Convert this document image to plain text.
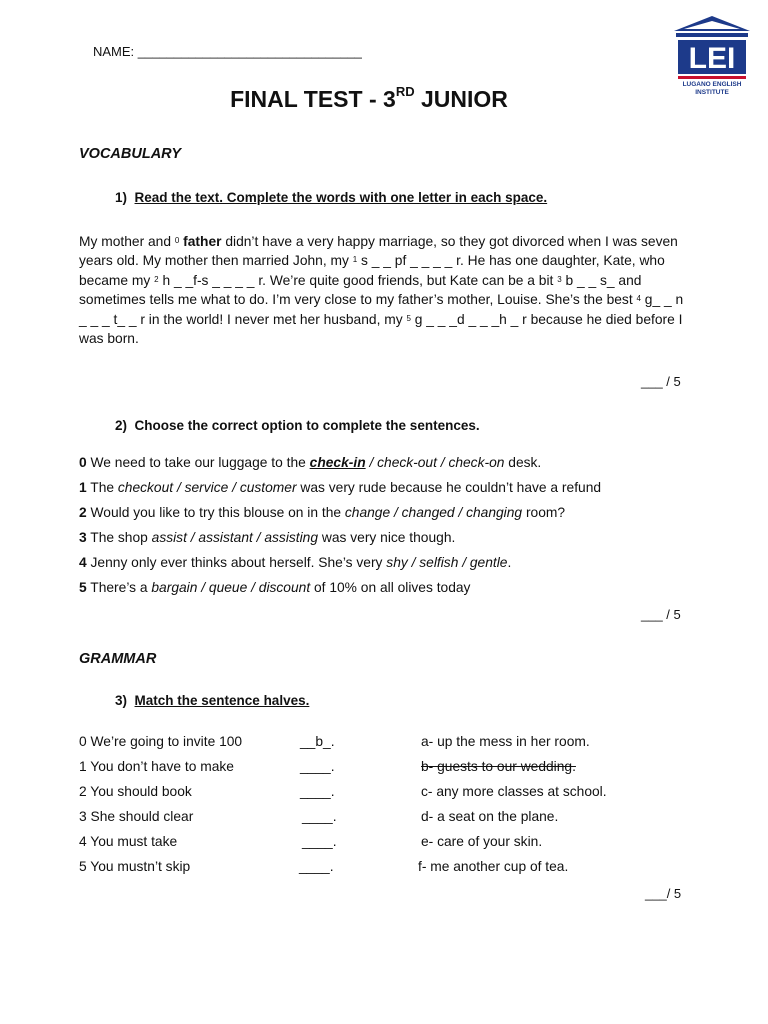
NAME: _______________________________
FINAL TEST - 3RD JUNIOR
LEI
LUGANO ENGLISH
INSTITUTE
VOCABULARY
1) Read the text. Complete the words with one letter in each space.
My mother and $^0$ father didn’t have a very happy marriage, so they got divorced when I was seven years old. My mother then married John, my $^1$ s _ _ pf _ _ _ _ r. He has one daughter, Kate, who became my $^2$ h _ _f-s _ _ _ _ r. We’re quite good friends, but Kate can be a bit $^3$ b _ _ s_ and sometimes tells me what to do. I’m very close to my father’s mother, Louise. She’s the best $^4$ g_ _ n _ _ _ t_ _ r in the world! I never met her husband, my $^5$ g _ _ _d _ _ _h _ r because he died before I was born.
___ / 5
2) Choose the correct option to complete the sentences.
0 We need to take our luggage to the check-in / check-out / check-on desk.
1 The checkout / service / customer was very rude because he couldn’t have a refund
2 Would you like to try this blouse on in the change / changed / changing room?
3 The shop assist / assistant / assisting was very nice though.
4 Jenny only ever thinks about herself. She’s very shy / selfish / gentle.
5 There’s a bargain / queue / discount of 10% on all olives today
___ / 5
GRAMMAR
3) Match the sentence halves.
0 We’re going to invite 100	__b_.	a- up the mess in her room.
1 You don’t have to make	____.	b- guests to our wedding.
2 You should book	____.	c- any more classes at school.
3 She should clear	____.	d- a seat on the plane.
4 You must take	____.	e- care of your skin.
5 You mustn’t skip	____.	f- me another cup of tea.
___/ 5
